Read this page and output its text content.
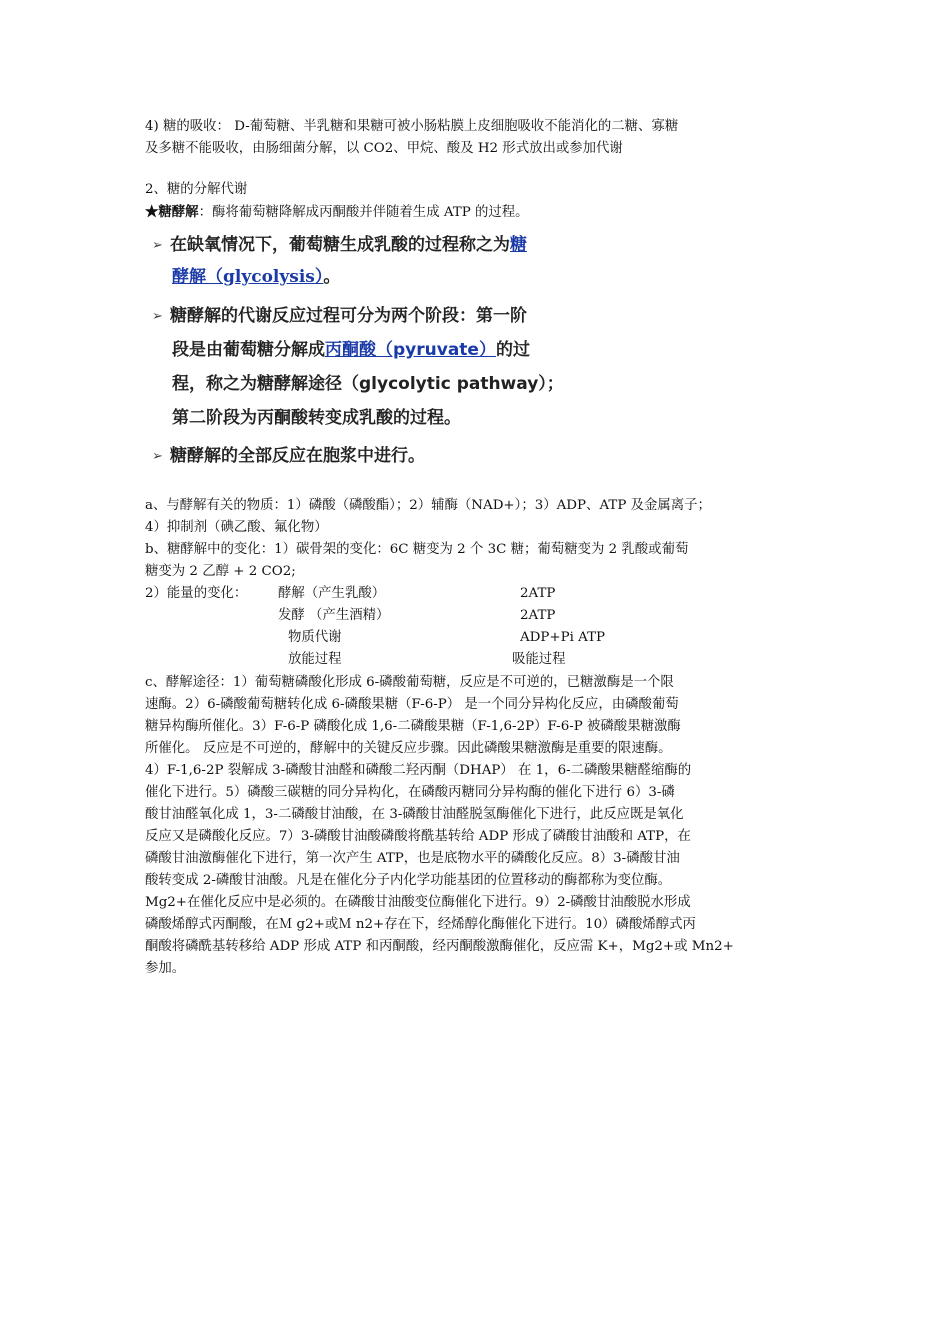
4) 糖的吸收： D-葡萄糖、半乳糖和果糖可被小肠粘膜上皮细胞吸收不能消化的二糖、寡糖

及多糖不能吸收，由肠细菌分解，以 CO2、甲烷、酸及 H2 形式放出或参加代谢

2、糖的分解代谢

★糖酵解：酶将葡萄糖降解成丙酮酸并伴随着生成 ATP 的过程。

➢ 在缺氧情况下，葡萄糖生成乳酸的过程称之为糖
酵解（glycolysis）。
➢ 糖酵解的代谢反应过程可分为两个阶段：第一阶
段是由葡萄糖分解成丙酮酸（pyruvate）的过
程，称之为糖酵解途径（glycolytic pathway）；
第二阶段为丙酮酸转变成乳酸的过程。
➢ 糖酵解的全部反应在胞浆中进行。

a、与酵解有关的物质：1）磷酸（磷酸酯）；2）辅酶（NAD+）；3）ADP、ATP 及金属离子；

4）抑制剂（碘乙酸、氟化物）

b、糖酵解中的变化：1）碳骨架的变化：6C 糖变为 2 个 3C 糖；葡萄糖变为 2 乳酸或葡萄

糖变为 2 乙醇 + 2 CO2;

2）能量的变化： 酵解（产生乳酸）	2ATP
发酵 （产生酒精）	2ATP
物质代谢	ADP+Pi ATP
放能过程	吸能过程

c、酵解途径：1）葡萄糖磷酸化形成 6-磷酸葡萄糖，反应是不可逆的，已糖激酶是一个限

速酶。2）6-磷酸葡萄糖转化成 6-磷酸果糖（F-6-P） 是一个同分异构化反应，由磷酸葡萄

糖异构酶所催化。3）F-6-P 磷酸化成 1,6-二磷酸果糖（F-1,6-2P）F-6-P 被磷酸果糖激酶

所催化。 反应是不可逆的，酵解中的关键反应步骤。因此磷酸果糖激酶是重要的限速酶。

4）F-1,6-2P 裂解成 3-磷酸甘油醛和磷酸二羟丙酮（DHAP） 在 1，6-二磷酸果糖醛缩酶的

催化下进行。5）磷酸三碳糖的同分异构化，在磷酸丙糖同分异构酶的催化下进行 6）3-磷

酸甘油醛氧化成 1，3-二磷酸甘油酸，在 3-磷酸甘油醛脱氢酶催化下进行，此反应既是氧化

反应又是磷酸化反应。7）3-磷酸甘油酸磷酸将酰基转给 ADP 形成了磷酸甘油酸和 ATP，在

磷酸甘油激酶催化下进行，第一次产生 ATP，也是底物水平的磷酸化反应。8）3-磷酸甘油

酸转变成 2-磷酸甘油酸。凡是在催化分子内化学功能基团的位置移动的酶都称为变位酶。

Mg2+在催化反应中是必须的。在磷酸甘油酸变位酶催化下进行。9）2-磷酸甘油酸脱水形成

磷酸烯醇式丙酮酸，在Ｍ g2+或Ｍ n2+存在下，经烯醇化酶催化下进行。10）磷酸烯醇式丙

酮酸将磷酰基转移给 ADP 形成 ATP 和丙酮酸，经丙酮酸激酶催化，反应需 K+，Mg2+或 Mn2+

参加。
